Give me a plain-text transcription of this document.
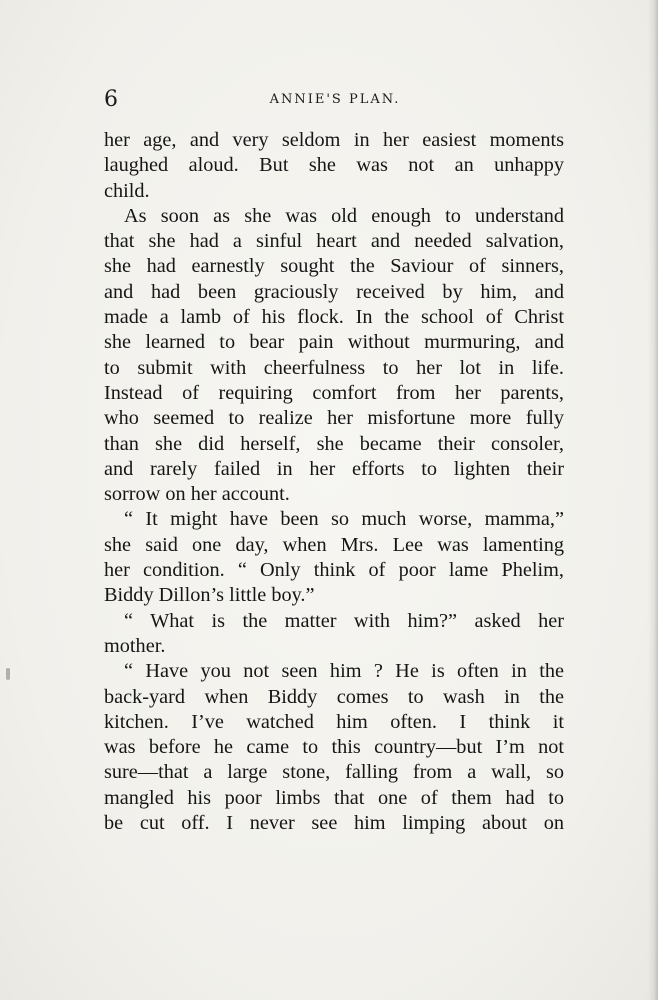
6	ANNIE'S PLAN.

her age, and very seldom in her easiest moments

laughed aloud. But she was not an unhappy

child.

As soon as she was old enough to understand

that she had a sinful heart and needed salvation,

she had earnestly sought the Saviour of sinners,

and had been graciously received by him, and

made a lamb of his flock. In the school of Christ

she learned to bear pain without murmuring, and

to submit with cheerfulness to her lot in life.

Instead of requiring comfort from her parents,

who seemed to realize her misfortune more fully

than she did herself, she became their consoler,

and rarely failed in her efforts to lighten their

sorrow on her account.

“ It might have been so much worse, mamma,”

she said one day, when Mrs. Lee was lamenting

her condition. “ Only think of poor lame Phelim,

Biddy Dillon’s little boy.”

“ What is the matter with him?” asked her

mother.

“ Have you not seen him ? He is often in the

back-yard when Biddy comes to wash in the

kitchen. I’ve watched him often. I think it

was before he came to this country—but I’m not

sure—that a large stone, falling from a wall, so

mangled his poor limbs that one of them had to

be cut off. I never see him limping about on
